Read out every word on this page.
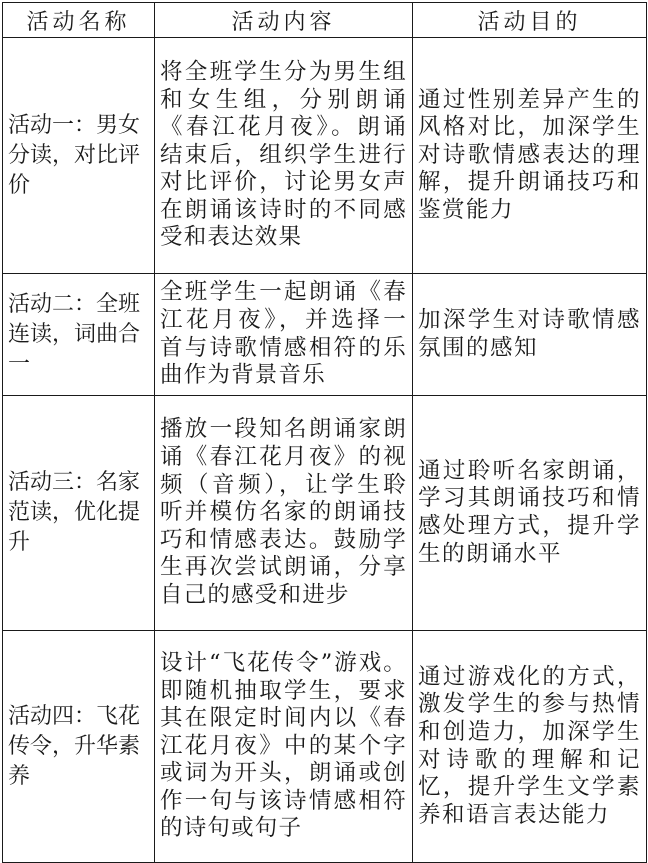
活动名称	活动内容	活动目的
活动一：男女分读，对比评价	将全班学生分为男生组和女生组，分别朗诵《春江花月夜》。朗诵结束后，组织学生进行对比评价，讨论男女声在朗诵该诗时的不同感受和表达效果	通过性别差异产生的风格对比，加深学生对诗歌情感表达的理解，提升朗诵技巧和鉴赏能力
活动二：全班连读，词曲合一	全班学生一起朗诵《春江花月夜》，并选择一首与诗歌情感相符的乐曲作为背景音乐	加深学生对诗歌情感氛围的感知
活动三：名家范读，优化提升	播放一段知名朗诵家朗诵《春江花月夜》的视频（音频），让学生聆听并模仿名家的朗诵技巧和情感表达。鼓励学生再次尝试朗诵，分享自己的感受和进步	通过聆听名家朗诵，学习其朗诵技巧和情感处理方式，提升学生的朗诵水平
活动四：飞花传令，升华素养	设计“飞花传令”游戏。即随机抽取学生，要求其在限定时间内以《春江花月夜》中的某个字或词为开头，朗诵或创作一句与该诗情感相符的诗句或句子	通过游戏化的方式，激发学生的参与热情和创造力，加深学生对诗歌的理解和记忆，提升学生文学素养和语言表达能力
